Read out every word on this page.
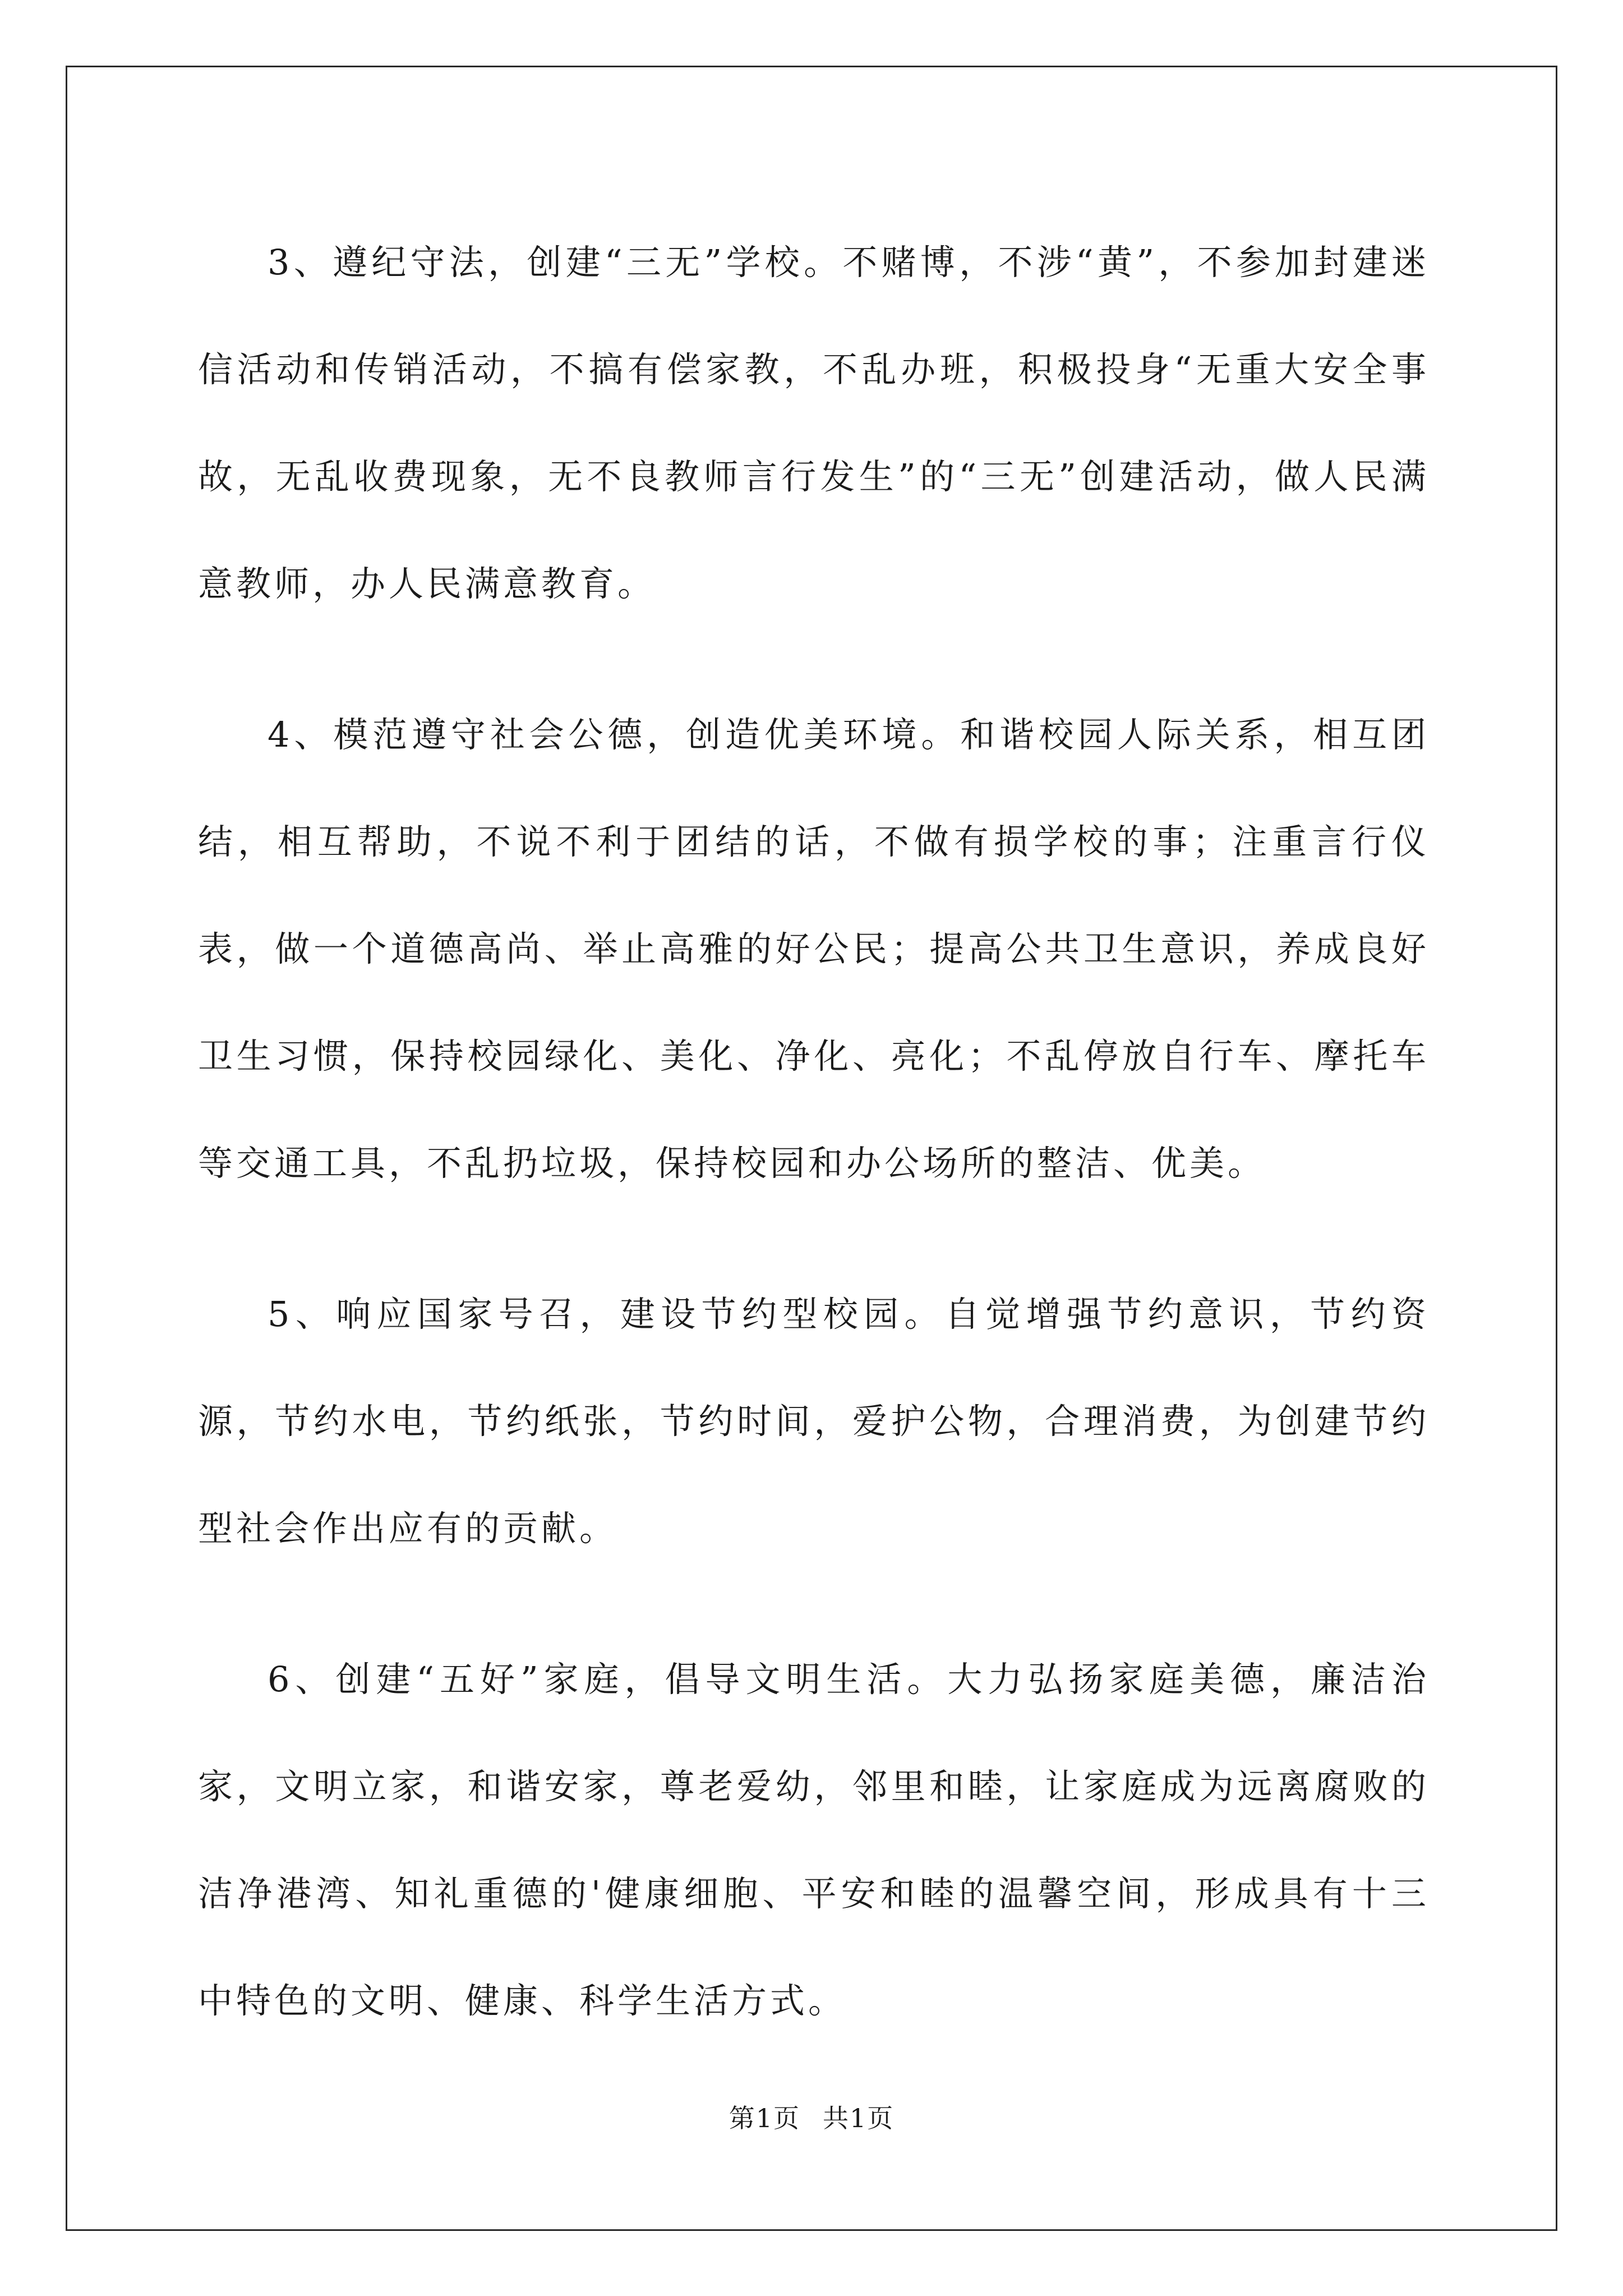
3、遵纪守法，创建“三无”学校。不赌博，不涉“黄”，不参加封建迷信活动和传销活动，不搞有偿家教，不乱办班，积极投身“无重大安全事故，无乱收费现象，无不良教师言行发生”的“三无”创建活动，做人民满意教师，办人民满意教育。

4、模范遵守社会公德，创造优美环境。和谐校园人际关系，相互团结，相互帮助，不说不利于团结的话，不做有损学校的事；注重言行仪表，做一个道德高尚、举止高雅的好公民；提高公共卫生意识，养成良好卫生习惯，保持校园绿化、美化、净化、亮化；不乱停放自行车、摩托车等交通工具，不乱扔垃圾，保持校园和办公场所的整洁、优美。

5、响应国家号召，建设节约型校园。自觉增强节约意识，节约资源，节约水电，节约纸张，节约时间，爱护公物，合理消费，为创建节约型社会作出应有的贡献。

6、创建“五好”家庭，倡导文明生活。大力弘扬家庭美德，廉洁治家，文明立家，和谐安家，尊老爱幼，邻里和睦，让家庭成为远离腐败的洁净港湾、知礼重德的'健康细胞、平安和睦的温馨空间，形成具有十三中特色的文明、健康、科学生活方式。

第1页 共1页
